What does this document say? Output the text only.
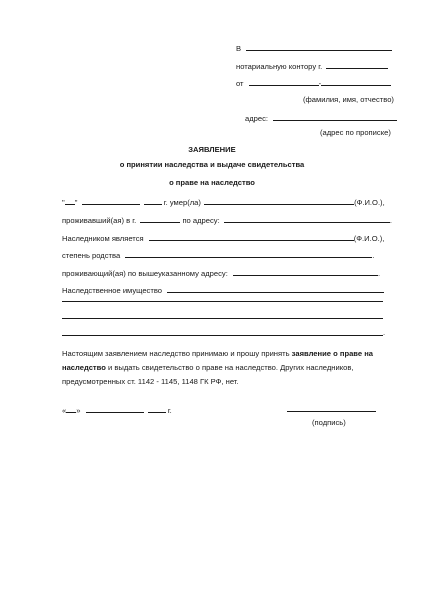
В
нотариальную контору г.
от	-
(фамилия, имя, отчество)
адрес:
(адрес по прописке)
ЗАЯВЛЕНИЕ
о принятии наследства и выдаче свидетельства
о праве на наследство
" "	г. умер(ла)	(Ф.И.О.),
проживавший(ая) в г.	по адресу:	.
Наследником является	(Ф.И.О.),
степень родства	.
проживающий(ая) по вышеуказанному адресу:	.
Наследственное имущество
.
Настоящим заявлением наследство принимаю и прошу принять заявление о праве на
наследство и выдать свидетельство о праве на наследство. Других наследников,
предусмотренных ст. 1142 - 1145, 1148 ГК РФ, нет.
« »	г.
(подпись)
